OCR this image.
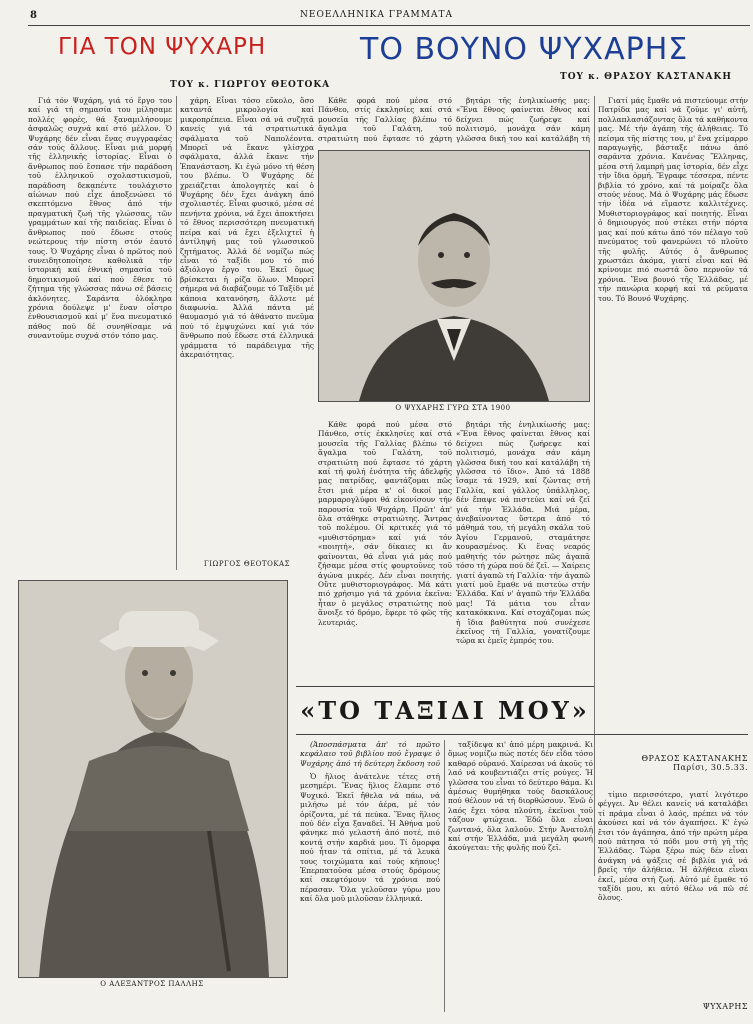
8	ΝΕΟΕΛΛΗΝΙΚΑ ΓΡΑΜΜΑΤΑ
ΓΙΑ ΤΟΝ ΨΥΧΑΡΗ	ΤΟ ΒΟΥΝΟ ΨΥΧΑΡΗΣ
ΤΟΥ κ. ΓΙΩΡΓΟΥ ΘΕΟΤΟΚΑ
ΤΟΥ κ. ΘΡΑΣΟΥ ΚΑΣΤΑΝΑΚΗ

Γιά τόν Ψυχάρη, γιά τό ἔργο του καί γιά τή σημασία του μίλησαμε πολλές φορές, θά ξαναμιλήσουμε ἀσφαλῶς συχνά καί στό μέλλον. Ὁ Ψυχάρης δέν εἶναι ἕνας συγγραφέας σάν τούς ἄλλους. Εἶναι μιά μορφή τῆς ἑλληνικῆς ἱστορίας. Εἶναι ὁ ἄνθρωπος πού ἔσπασε τήν παράδοση τοῦ ἑλληνικοῦ σχολαστικισμοῦ, παράδοση δεκαπέντε τουλάχιστο αἰώνων πού εἶχε ἀποξενώσει τό σκεπτόμενο ἔθνος ἀπό τήν πραγματική ζωή τῆς γλώσσας, τῶν γραμμάτων καί τῆς παιδείας. Εἶναι ὁ ἄνθρωπος πού ἔδωσε στούς νεώτερους τήν πίστη στόν ἑαυτό τους. Ὁ Ψυχάρης εἶναι ὁ πρῶτος πού συνειδητοποίησε καθολικά τήν ἱστορική καί ἐθνική σημασία τοῦ δημοτικισμοῦ καί πού ἔθεσε τό ζήτημα τῆς γλώσσας πάνω σέ βάσεις ἀκλόνητες. Σαράντα ὁλόκληρα χρόνια δούλεψε μ' ἕναν οἶστρο ἐνθουσιασμοῦ καί μ' ἕνα πνευματικό πάθος πού δέ συνηθίσαμε νά συναντοῦμε συχνά στόν τόπο μας.

χάρη. Εἶναι τόσο εὔκολο, ὅσο καταντᾶ μικρολογία καί μικροπρέπεια. Εἶναι σά νά συζητᾶ κανείς γιά τά στρατιωτικά σφάλματα τοῦ Ναπολέοντα. Μπορεῖ νά ἔκανε γλίσχρα σφάλματα, ἀλλά ἔκανε τήν Ἐπανάσταση. Κι ἐγώ μόνο τή θέση του βλέπω. Ὁ Ψυχάρης δέ χρειάζεται ἀπολογητές καί ὁ Ψυχάρης δέν ἔχει ἀνάγκη ἀπό σχολιαστές. Εἶναι φυσικό, μέσα σέ πενήντα χρόνια, νά ἔχει ἀποκτήσει τό ἔθνος περισσότερη πνευματική πείρα καί νά ἔχει ἐξελιχτεῖ ἡ ἀντίληψή μας τοῦ γλωσσικοῦ ζητήματος. Ἀλλά δέ νομίζω πώς εἶναι τό ταξίδι μου τό πιό ἀξιόλογο ἔργο του. Ἐκεῖ ὅμως βρίσκεται ἡ ρίζα ὅλων. Μπορεῖ σήμερα νά διαβάζουμε τό Ταξίδι μέ κάποια κατανόηση, ἄλλοτε μέ διαφωνία. Ἀλλά πάντα μέ θαυμασμό γιά τό ἀθάνατο πνεῦμα πού τό ἐμψυχώνει καί γιά τόν ἄνθρωπο πού ἔδωσε στά ἑλληνικά γράμματα τό παράδειγμα τῆς ἀκεραιότητας.

ΓΙΩΡΓΟΣ ΘΕΟΤΟΚΑΣ

Κάθε φορά πού μέσα στό Πάνθεο, στίς ἐκκλησίες καί στά μουσεῖα τῆς Γαλλίας βλέπω τό ἄγαλμα τοῦ Γαλάτη, τοῦ στρατιώτη πού ἔφτασε τό χάρτη

βητάρι τῆς ἐνηλικίωσής μας: «Ἕνα ἔθνος φαίνεται ἔθνος καί δείχνει πώς ζωήρεψε καί πολιτισμό, μονάχα σάν κάμη γλῶσσα δική του καί κατάλάβη τή

Γιατί μάς ἔμαθε νά πιστεύουμε στήν Πατρίδα μας καί νά ζοῦμε γι' αὐτή, πολλαπλασιάζοντας ὅλα τά καθήκοντα μας. Μέ τήν ἀγάπη τῆς ἀλήθειας. Τό πείσμα τῆς πίστης του, μ' ἕνα χείμαρρο παραγωγῆς, βάσταξε πάνω ἀπό σαράντα χρόνια. Κανένας Ἕλληνας, μέσα στή λαμπρή μας ἱστορία, δέν εἶχε τήν ἴδια ὁρμή. Ἔγραφε τέσσερα, πέντε βιβλία τό χρόνο, καί τά μοίραζε ὅλα στούς νέους. Μά ὁ Ψυχάρης μάς ἔδωσε τήν ἰδέα νά εἴμαστε καλλιτέχνες. Μυθιστοριογράφος καί ποιητής. Εἶναι ὁ δημιουργός πού στέκει στήν πόρτα μας καί πού κάτω ἀπό τόν πέλαγο τοῦ πνεύματος τοῦ φανερώνει τό πλοῦτο τῆς φυλῆς. Αὐτός ὁ ἄνθρωπος χρωστάει ἀκόμα, γιατί εἶναι καί θά κρίνουμε πιό σωστά ὅσο περνοῦν τά χρόνια. Ἕνα βουνό τῆς Ἑλλάδας, μέ τήν πανώρια κορφή καί τά ρεῦματα του. Τό Βουνό Ψυχάρης.

Ο ΨΥΧΑΡΗΣ ΓΥΡΩ ΣΤΑ 1900

Κάθε φορά πού μέσα στό Πάνθεο, στίς ἐκκλησίες καί στά μουσεῖα τῆς Γαλλίας βλέπω τό ἄγαλμα τοῦ Γαλάτη, τοῦ στρατιώτη πού ἔφτασε τό χάρτη καί τή φυλή ἑνότητα τῆς ἀδελφῆς μας πατρίδας, φαντάζομαι πῶς ἔτσι μιά μέρα κ' οἱ δικοί μας μαρμαρογλύφοι θά εἰκονίσουν τήν παρουσία τοῦ Ψυχάρη. Πρῶτ' ἀπ' ὅλα στάθηκε στρατιώτης. Ἄντρας τοῦ πολέμου. Οἱ κριτικές γιά τό «μυθιστόρημα» καί γιά τόν «ποιητή», σάν δίκαιες κι ἄν φαίνονται, θά εἶναι γιά μάς πού ζήσαμε μέσα στίς φουρτοῦνες τοῦ ἀγώνα μικρές. Δέν εἶναι ποιητής. Οὔτε μυθιστοριογράφος. Μά κάτι πιό χρήσιμο γιά τά χρόνια ἐκεῖνα: ἦταν ὁ μεγάλος στρατιώτης πού ἄνοιξε τό δρόμο, ἔφερε τό φῶς τῆς λευτεριάς.

βητάρι τῆς ἐνηλικίωσής μας: «Ἕνα ἔθνος φαίνεται ἔθνος καί δείχνει πώς ζωήρεψε καί πολιτισμό, μονάχα σάν κάμη γλῶσσα δική του καί κατάλάβη τή γλῶσσα τό ἴδιο». Ἀπό τά 1888 ἴσαμε τά 1929, καί ζώντας στή Γαλλία, καί γάλλος ὑπάλληλος, δέν ἔπαψε νά πιστεύει καί νά ζεῖ γιά τήν Ἑλλάδα. Μιά μέρα, ἀνεβαίνοντας ὕστερα ἀπό τό μάθημά του, τή μεγάλη σκάλα τοῦ Ἀγίου Γερμανοῦ, σταμάτησε κουρασμένος. Κι ἕνας νεαρός μαθητής τόν ρώτησε πῶς ἀγαπᾶ τόσο τή χώρα πού δέ ζεῖ. — Χαίρεις γιατί ἀγαπῶ τή Γαλλία· τήν ἀγαπῶ γιατί μοῦ ἔμαθε νά πιστεύω στήν Ἑλλάδα. Καί ν' ἀγαπῶ τήν Ἑλλάδα μας! Τά μάτια του εἶταν κατακόκκινα. Καί στοχάζομαι πώς ἡ ἴδια βαθύτητα πού συνέχεσε ἐκεῖνος τή Γαλλία, γονατίζουμε τώρα κι ἐμεῖς ἐμπρός του.

ΘΡΑΣΟΣ ΚΑΣΤΑΝΑΚΗΣ
Παρίσι, 30.5.33.
Ο ΑΛΕΞΑΝΤΡΟΣ ΠΑΛΛΗΣ
«ΤΟ ΤΑΞΙΔΙ ΜΟΥ»

(Ἀποσπάσματα ἀπ' τό πρῶτο κεφάλαιο τοῦ βιβλίου πού ἔγραψε ὁ Ψυχάρης ἀπό τή δεύτερη ἔκδοση τοῦ

Ὁ ἥλιος ἀνάτελνε τέτες στή μεσημέρι. Ἕνας ἥλιος ἔλαμπε στό Ψυχικό. Ἐκεῖ ἤθελα νά πάω, νά μιλήσω μέ τόν ἀέρα, μέ τόν ὁρίζοντα, μέ τά πεύκα. Ἕνας ἥλιος πού δέν εἶχα ξαναδεῖ. Ἡ Ἀθήνα μοῦ φάνηκε πιό γελαστή ἀπό ποτέ, πιό κοντά στήν καρδιά μου. Τί ὄμορφα πού ἦταν τά σπίτια, μέ τά λευκά τους τοιχώματα καί τούς κήπους! Ἐπερπατοῦσα μέσα στούς δρόμους καί σκεφτόμουν τά χρόνια πού πέρασαν. Ὅλα γελοῦσαν γύρω μου καί ὅλα μοῦ μιλοῦσαν ἑλληνικά.

ταξίδεψα κι' ἀπό μέρη μακρινά. Κι ὅμως νομίζω πώς ποτές δέν εἶδα τόσο καθαρό οὐρανό. Χαίρεσαι νά ἀκοῦς τό λαό νά κουβεντιάζει στίς ρούγες. Ἡ γλῶσσα του εἶναι τό δεύτερο θάμα. Κι ἀμέσως θυμήθηκα τούς δασκάλους πού θέλουν νά τή διορθώσουν. Ἐνῶ ὁ λαός ἔχει τόσα πλούτη, ἐκεῖνοι τοῦ τάζουν φτώχεια. Ἐδῶ ὅλα εἶναι ζωντανά, ὅλα λαλοῦν. Στήν Ἀνατολή καί στήν Ἑλλάδα, μιά μεγάλη φωνή ἀκούγεται: τῆς φυλῆς πού ζεῖ.

τίμιο περισσότερο, γιατί λιγότερο φέγγει. Ἀν θέλει κανείς νά καταλάβει τί πράμα εἶναι ὁ λαός, πρέπει νά τόν ἀκούσει καί νά τόν ἀγαπήσει. Κ' ἐγώ ἔτσι τόν ἀγάπησα, ἀπό τήν πρώτη μέρα πού πάτησα τό πόδι μου στή γῆ τῆς Ἑλλάδας. Τώρα ξέρω πώς δέν εἶναι ἀνάγκη νά ψάξεις σέ βιβλία γιά νά βρεῖς τήν ἀλήθεια. Ἡ ἀλήθεια εἶναι ἐκεῖ, μέσα στή ζωή. Αὐτό μέ ἔμαθε τό ταξίδι μου, κι αὐτό θέλω νά πῶ σέ ὅλους.

ΨΥΧΑΡΗΣ
